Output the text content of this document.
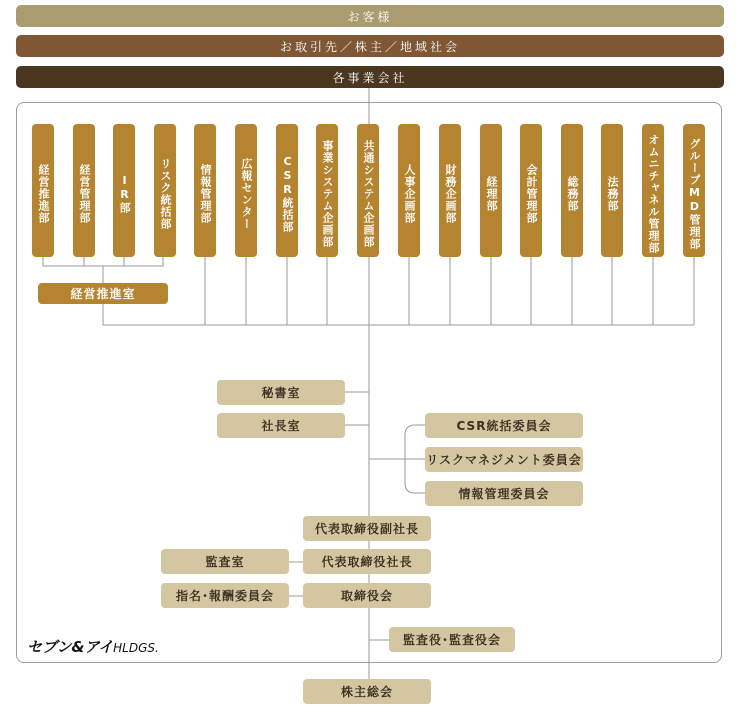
お客様
お取引先／株主／地域社会
各事業会社
経営推進部	経営管理部	IR部	リスク統括部	情報管理部	広報センター	CSR統括部	事業システム企画部	共通システム企画部	人事企画部	財務企画部	経理部	会計管理部	総務部	法務部	オムニチャネル管理部	グループMD管理部
経営推進室
秘書室
社長室	CSR統括委員会
リスクマネジメント委員会
情報管理委員会
代表取締役副社長
監査室	代表取締役社長
指名･報酬委員会	取締役会
監査役･監査役会
株主総会
セブン&アイHLDGS.
